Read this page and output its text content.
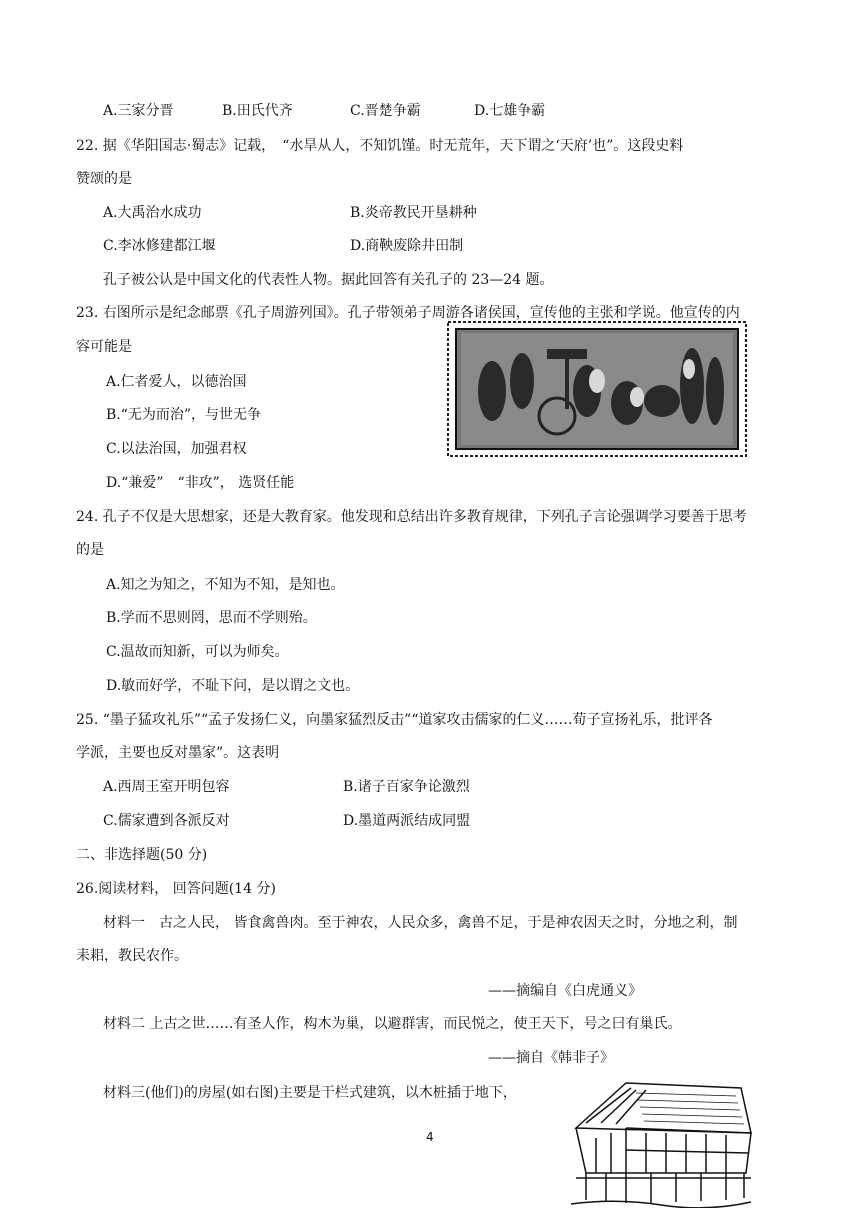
A.三家分晋	B.田氏代齐	C.晋楚争霸	D.七雄争霸
22. 据《华阳国志·蜀志》记载，　“水旱从人，不知饥馑。时无荒年，天下谓之‘天府’也”。这段史料
赞颂的是
A.大禹治水成功	B.炎帝教民开垦耕种
C.李冰修建都江堰	D.商鞅废除井田制
孔子被公认是中国文化的代表性人物。据此回答有关孔子的 23—24 题。
23. 右图所示是纪念邮票《孔子周游列国》。孔子带领弟子周游各诸侯国，宣传他的主张和学说。他宣传的内
容可能是
A.仁者爱人，以德治国
B.“无为而治”，与世无争
C.以法治国，加强君权
D.“兼爱”　“非攻”， 选贤任能
24. 孔子不仅是大思想家，还是大教育家。他发现和总结出许多教育规律，下列孔子言论强调学习要善于思考
的是
A.知之为知之，不知为不知，是知也。
B.学而不思则罔，思而不学则殆。
C.温故而知新，可以为师矣。
D.敏而好学，不耻下问，是以谓之文也。
25. “墨子猛攻礼乐”“孟子发扬仁义，向墨家猛烈反击”“道家攻击儒家的仁义……荀子宣扬礼乐，批评各
学派，主要也反对墨家”。这表明
A.西周王室开明包容	B.诸子百家争论激烈
C.儒家遭到各派反对	D.墨道两派结成同盟
二、非选择题(50 分)
26.阅读材料， 回答问题(14 分)
材料一　古之人民， 皆食禽兽肉。至于神农，人民众多，禽兽不足，于是神农因天之时，分地之利，制
耒耜，教民农作。
——摘编自《白虎通义》
材料二 上古之世……有圣人作，构木为巢，以避群害，而民悦之，使王天下，号之曰有巢氏。
——摘自《韩非子》
材料三(他们)的房屋(如右图)主要是干栏式建筑，以木桩插于地下，
4
